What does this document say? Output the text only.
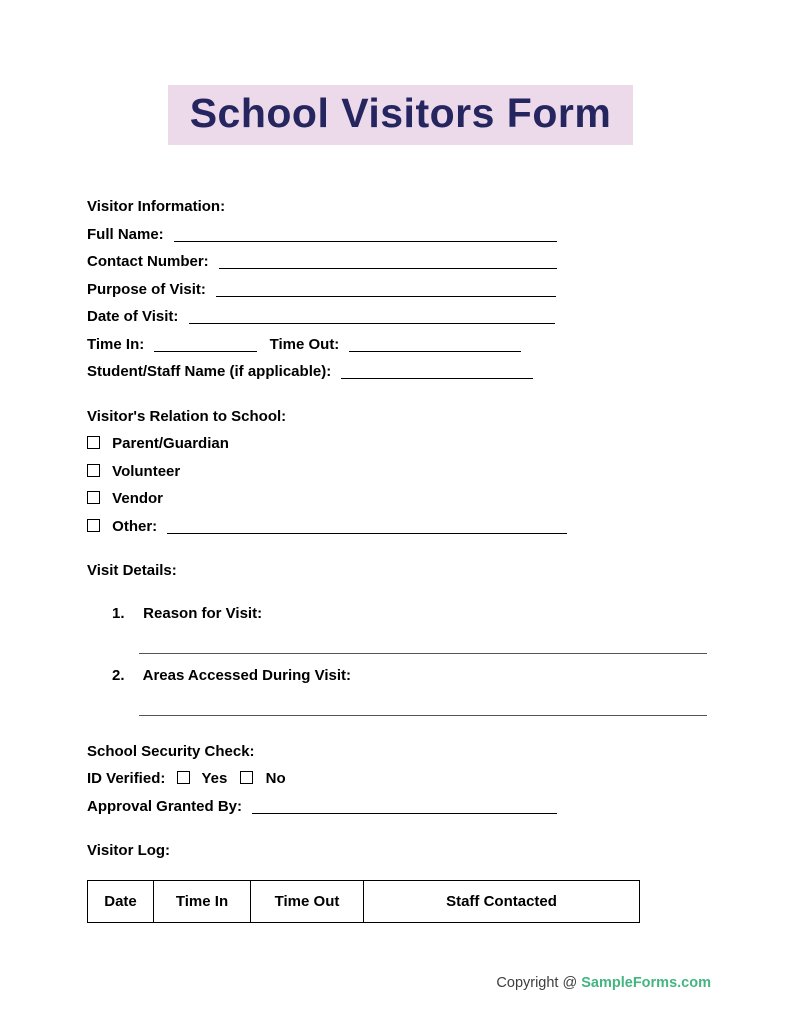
School Visitors Form
Visitor Information:
Full Name:
Contact Number:
Purpose of Visit:
Date of Visit:
Time In:	Time Out:
Student/Staff Name (if applicable):
Visitor's Relation to School:
Parent/Guardian
Volunteer
Vendor
Other:
Visit Details:
1. Reason for Visit:
2. Areas Accessed During Visit:
School Security Check:
ID Verified: Yes	No
Approval Granted By:
Visitor Log:
Date	Time In	Time Out	Staff Contacted
Copyright @ SampleForms.com
